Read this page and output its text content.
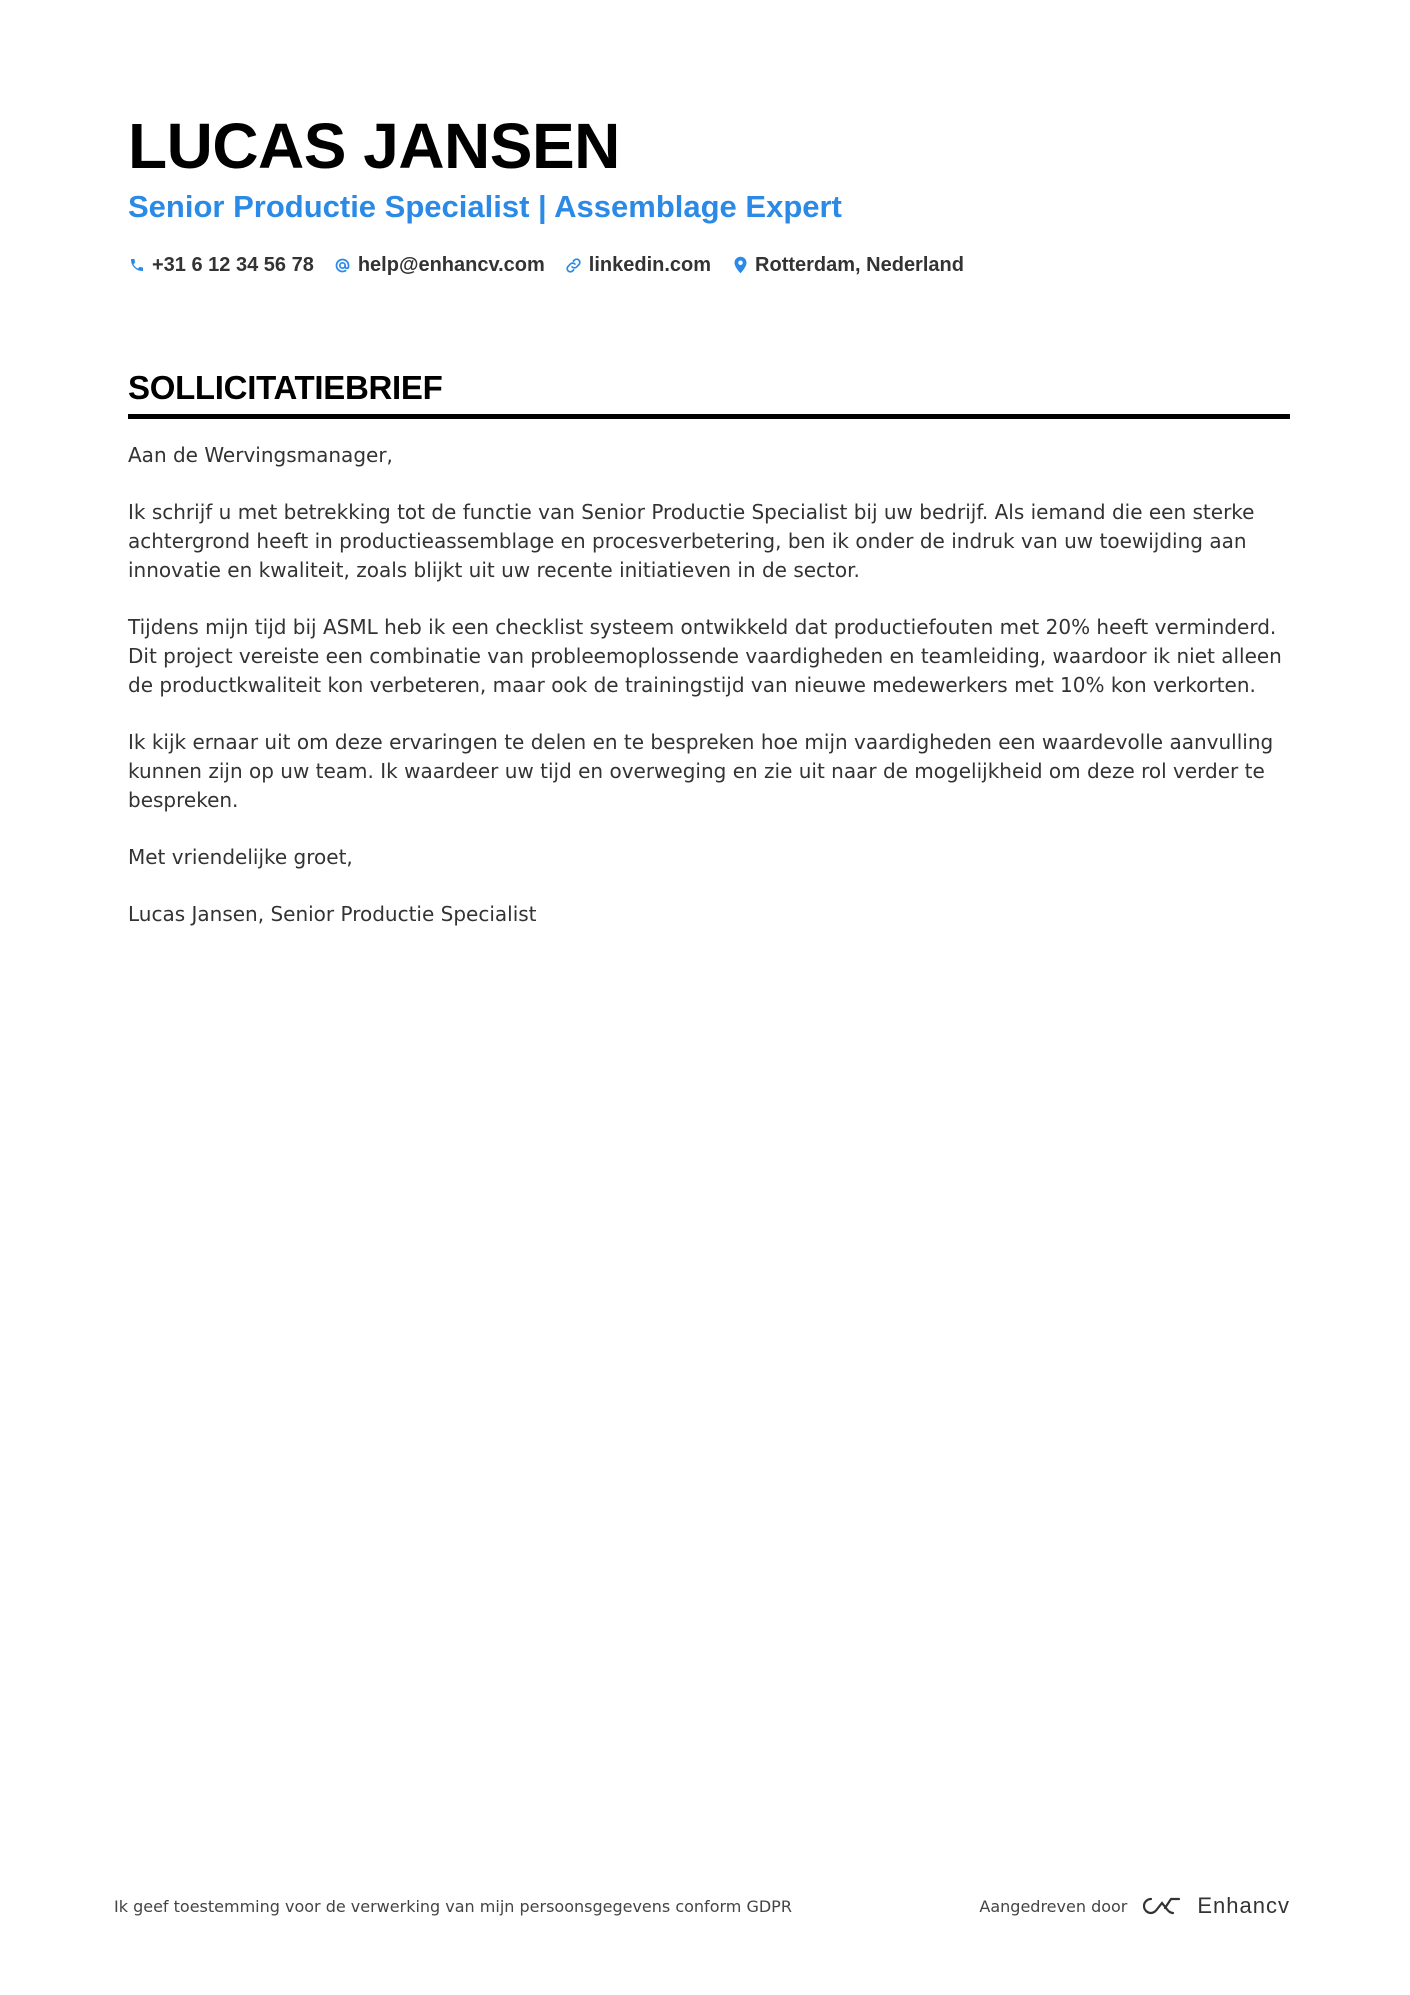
LUCAS JANSEN
Senior Productie Specialist | Assemblage Expert
+31 6 12 34 56 78 help@enhancv.com linkedin.com Rotterdam, Nederland
SOLLICITATIEBRIEF

Aan de Wervingsmanager,

Ik schrijf u met betrekking tot de functie van Senior Productie Specialist bij uw bedrijf. Als iemand die een sterke achtergrond heeft in productieassemblage en procesverbetering, ben ik onder de indruk van uw toewijding aan innovatie en kwaliteit, zoals blijkt uit uw recente initiatieven in de sector.

Tijdens mijn tijd bij ASML heb ik een checklist systeem ontwikkeld dat productiefouten met 20% heeft verminderd. Dit project vereiste een combinatie van probleemoplossende vaardigheden en teamleiding, waardoor ik niet alleen de productkwaliteit kon verbeteren, maar ook de trainingstijd van nieuwe medewerkers met 10% kon verkorten.

Ik kijk ernaar uit om deze ervaringen te delen en te bespreken hoe mijn vaardigheden een waardevolle aanvulling kunnen zijn op uw team. Ik waardeer uw tijd en overweging en zie uit naar de mogelijkheid om deze rol verder te bespreken.

Met vriendelijke groet,

Lucas Jansen, Senior Productie Specialist

Ik geef toestemming voor de verwerking van mijn persoonsgegevens conform GDPR	Aangedreven door	Enhancv
